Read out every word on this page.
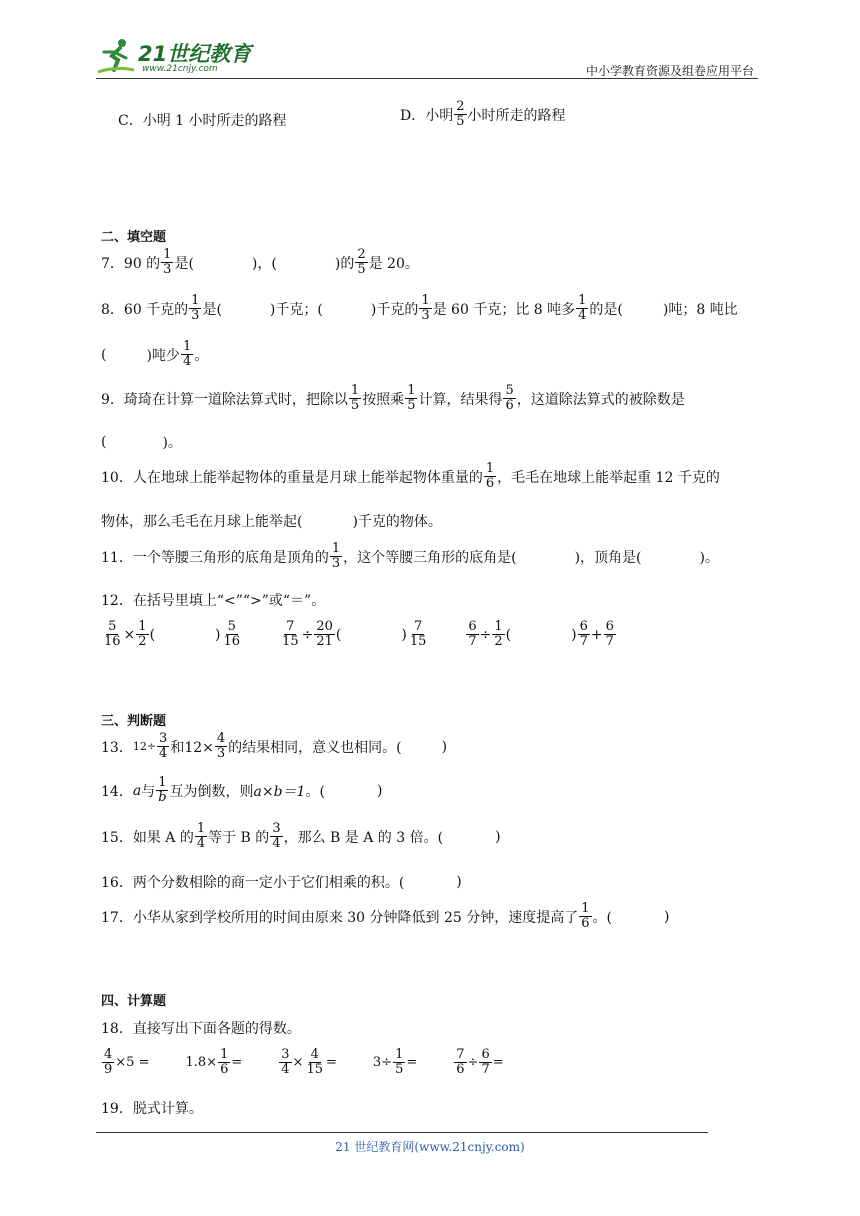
21世纪教育
www.21cnjy.com	中小学教育资源及组卷应用平台
C．小明 1 小时所走的路程	D．小明 $\frac{2}{5}$ 小时所走的路程
二、填空题
7．90 的 $\frac{1}{3}$ 是(	)，(	)的 $\frac{2}{5}$ 是 20。
8．60 千克的 $\frac{1}{3}$ 是(	)千克；(	)千克的 $\frac{1}{3}$ 是 60 千克；比 8 吨多 $\frac{1}{4}$ 的是(	)吨；8 吨比
(	)吨少 $\frac{1}{4}$ 。
9．琦琦在计算一道除法算式时，把除以 $\frac{1}{5}$ 按照乘 $\frac{1}{5}$ 计算，结果得 $\frac{5}{6}$ ，这道除法算式的被除数是
(	)。
10．人在地球上能举起物体的重量是月球上能举起物体重量的 $\frac{1}{6}$ ，毛毛在地球上能举起重 12 千克的
物体，那么毛毛在月球上能举起(	)千克的物体。
11．一个等腰三角形的底角是顶角的 $\frac{1}{3}$ ，这个等腰三角形的底角是(	)，顶角是(	)。
12．在括号里填上“<”“>”或“＝”。
$\frac{5}{16} \times \frac{1}{2}$ (	) $\frac{5}{16}$	$\frac{7}{15} \div \frac{20}{21}$ (	) $\frac{7}{15}$	$\frac{6}{7} \div \frac{1}{2}$ (	) $\frac{6}{7} + \frac{6}{7}$
三、判断题
13． $12\div \frac{3}{4}$ 和$12\times \frac{4}{3}$ 的结果相同，意义也相同。(	)
14． a 与 $\frac{1}{b}$ 互为倒数，则 a×b＝1 。(	)
15．如果 A 的 $\frac{1}{4}$ 等于 B 的 $\frac{3}{4}$ ，那么 B 是 A 的 3 倍。(	)
16．两个分数相除的商一定小于它们相乘的积。(	)
17．小华从家到学校所用的时间由原来 30 分钟降低到 25 分钟，速度提高了 $\frac{1}{6}$ 。(	)
四、计算题
18．直接写出下面各题的得数。
$\frac{4}{9} \times 5$ =	$1.8\times \frac{1}{6}$ =	$\frac{3}{4} \times \frac{4}{15}$ =	$3\div \frac{1}{5}$ =	$\frac{7}{6} \div \frac{6}{7}$ =
19．脱式计算。
21 世纪教育网(www.21cnjy.com)
